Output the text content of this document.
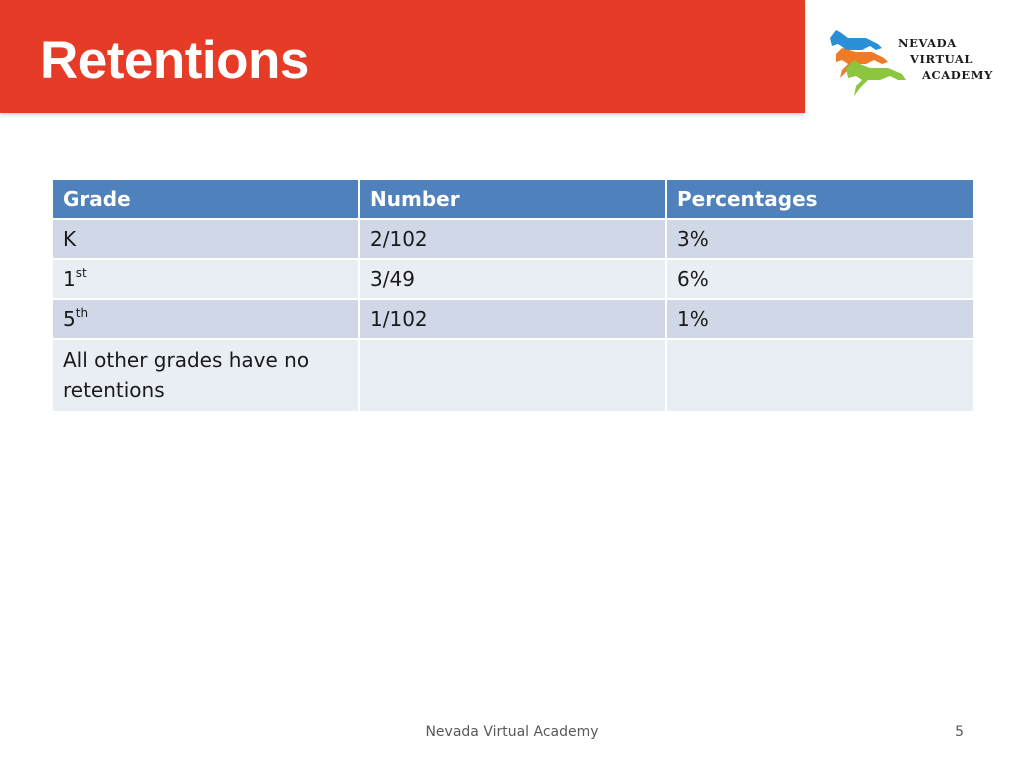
Retentions	NEVADA
VIRTUAL
ACADEMY
Grade	Number	Percentages
K	2/102	3%
1st	3/49	6%
5th	1/102	1%
All other grades have no retentions		
Nevada Virtual Academy	5
